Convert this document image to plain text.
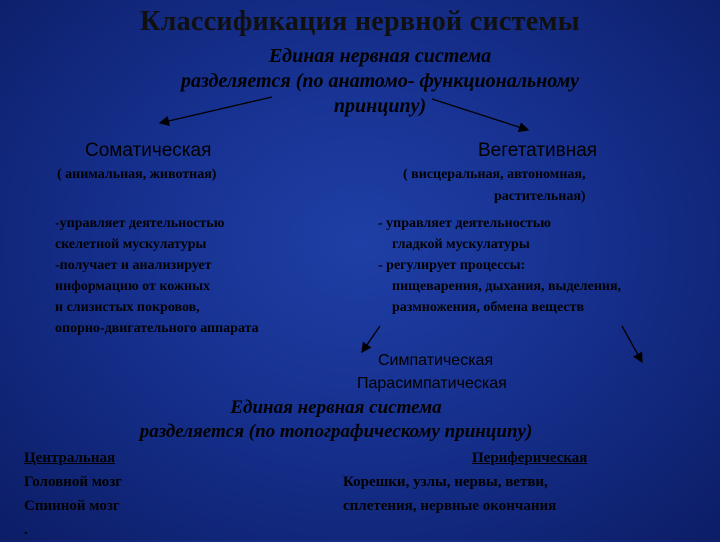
Классификация нервной системы
Единая нервная система
разделяется (по анатомо- функциональному
принципу)
Соматическая
( анимальная, животная)
-управляет деятельностью
скелетной мускулатуры
-получает и анализирует
информацию от кожных
и слизистых покровов,
опорно-двигательного аппарата
Вегетативная
( висцеральная, автономная,
растительная)
- управляет деятельностью
гладкой мускулатуры
- регулирует процессы:
пищеварения, дыхания, выделения,
размножения, обмена веществ
Симпатическая
Парасимпатическая
Единая нервная система
разделяется (по топографическому принципу)
Центральная
Головной мозг
Спинной мозг
.
Периферическая
Корешки, узлы, нервы, ветви,
сплетения, нервные окончания
